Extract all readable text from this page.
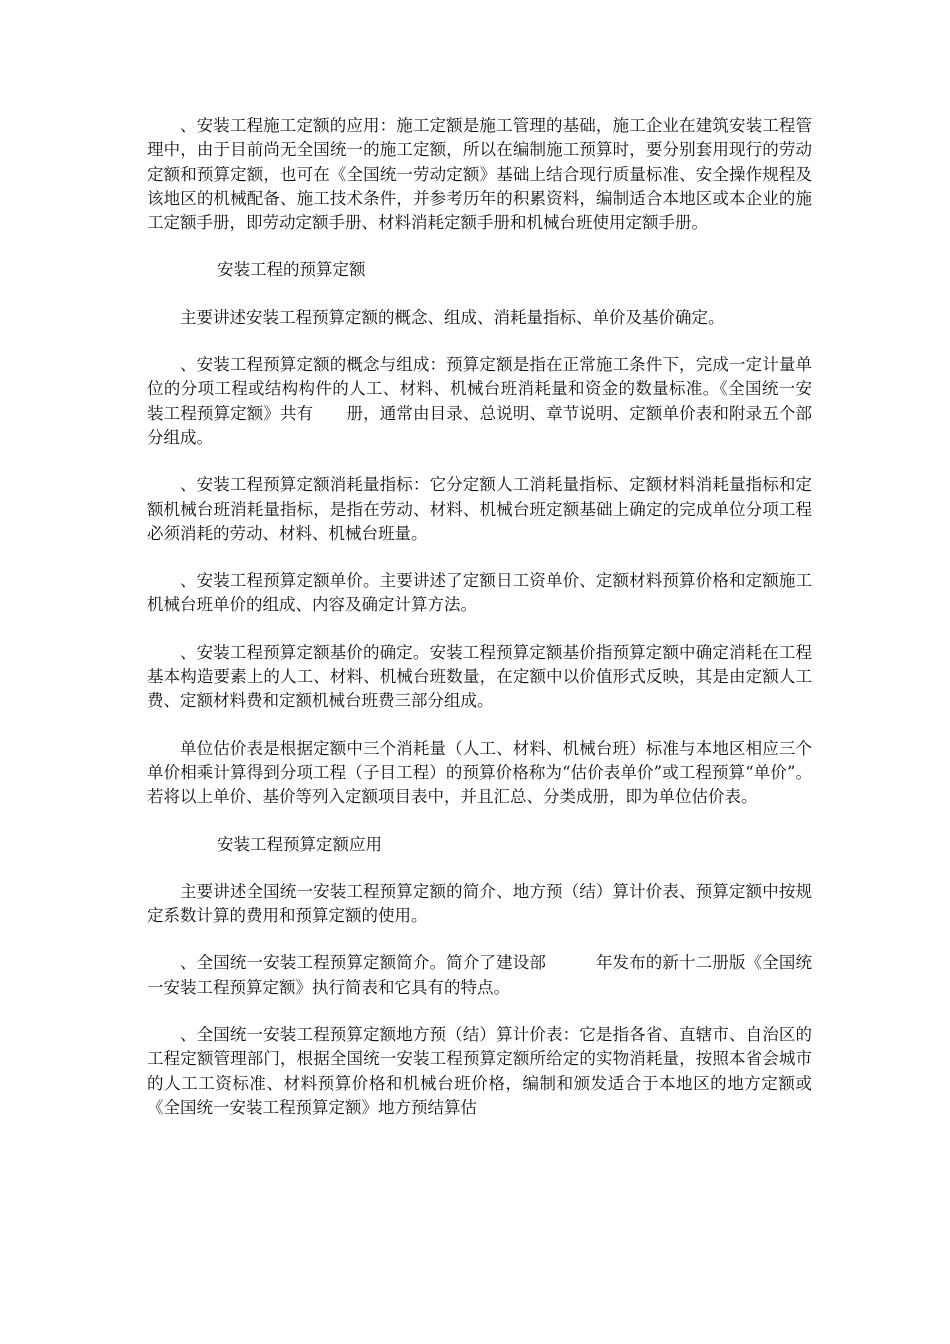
、安装工程施工定额的应用：施工定额是施工管理的基础，施工企业在建筑安装工程管理中，由于目前尚无全国统一的施工定额，所以在编制施工预算时，要分别套用现行的劳动定额和预算定额，也可在《全国统一劳动定额》基础上结合现行质量标准、安全操作规程及该地区的机械配备、施工技术条件，并参考历年的积累资料，编制适合本地区或本企业的施工定额手册，即劳动定额手册、材料消耗定额手册和机械台班使用定额手册。

安装工程的预算定额

主要讲述安装工程预算定额的概念、组成、消耗量指标、单价及基价确定。

、安装工程预算定额的概念与组成：预算定额是指在正常施工条件下，完成一定计量单位的分项工程或结构构件的人工、材料、机械台班消耗量和资金的数量标准。《全国统一安装工程预算定额》共有　　册，通常由目录、总说明、章节说明、定额单价表和附录五个部分组成。

、安装工程预算定额消耗量指标：它分定额人工消耗量指标、定额材料消耗量指标和定额机械台班消耗量指标，是指在劳动、材料、机械台班定额基础上确定的完成单位分项工程必须消耗的劳动、材料、机械台班量。

、安装工程预算定额单价。主要讲述了定额日工资单价、定额材料预算价格和定额施工机械台班单价的组成、内容及确定计算方法。

、安装工程预算定额基价的确定。安装工程预算定额基价指预算定额中确定消耗在工程基本构造要素上的人工、材料、机械台班数量，在定额中以价值形式反映，其是由定额人工费、定额材料费和定额机械台班费三部分组成。

单位估价表是根据定额中三个消耗量（人工、材料、机械台班）标准与本地区相应三个单价相乘计算得到分项工程（子目工程）的预算价格称为“估价表单价”或工程预算“单价”。若将以上单价、基价等列入定额项目表中，并且汇总、分类成册，即为单位估价表。

安装工程预算定额应用

主要讲述全国统一安装工程预算定额的简介、地方预（结）算计价表、预算定额中按规定系数计算的费用和预算定额的使用。

、全国统一安装工程预算定额简介。简介了建设部　　　年发布的新十二册版《全国统一安装工程预算定额》执行简表和它具有的特点。

、全国统一安装工程预算定额地方预（结）算计价表：它是指各省、直辖市、自治区的工程定额管理部门，根据全国统一安装工程预算定额所给定的实物消耗量，按照本省会城市的人工工资标准、材料预算价格和机械台班价格，编制和颁发适合于本地区的地方定额或《全国统一安装工程预算定额》地方预结算估
